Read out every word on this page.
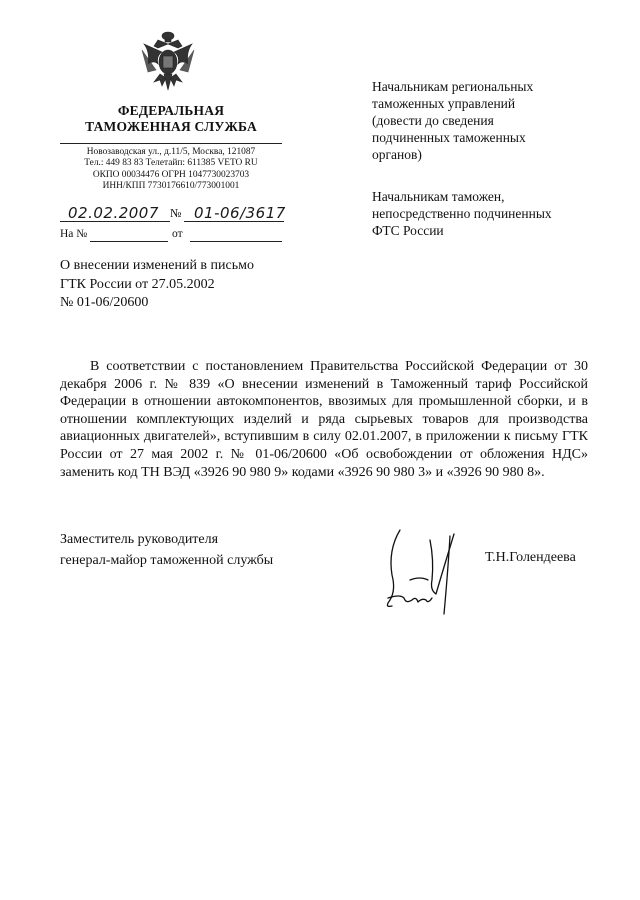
ФЕДЕРАЛЬНАЯ
ТАМОЖЕННАЯ СЛУЖБА
Новозаводская ул., д.11/5, Москва, 121087
Тел.: 449 83 83 Телетайп: 611385 VETO RU
ОКПО 00034476 ОГРН 1047730023703
ИНН/КПП 7730176610/773001001
02.02.2007 № 01-06/3617
На №	от
Начальникам региональных
таможенных управлений
(довести до сведения
подчиненных таможенных
органов)
Начальникам таможен,
непосредственно подчиненных
ФТС России
О внесении изменений в письмо
ГТК России от 27.05.2002
№ 01-06/20600
В соответствии с постановлением Правительства Российской Федерации от 30 декабря 2006 г. № 839 «О внесении изменений в Таможенный тариф Российской Федерации в отношении автокомпонентов, ввозимых для промышленной сборки, и в отношении комплектующих изделий и ряда сырьевых товаров для производства авиационных двигателей», вступившим в силу 02.01.2007, в приложении к письму ГТК России от 27 мая 2002 г. № 01-06/20600 «Об освобождении от обложения НДС» заменить код ТН ВЭД «3926 90 980 9» кодами «3926 90 980 3» и «3926 90 980 8».
Заместитель руководителя
генерал-майор таможенной службы	Т.Н.Голендеева
